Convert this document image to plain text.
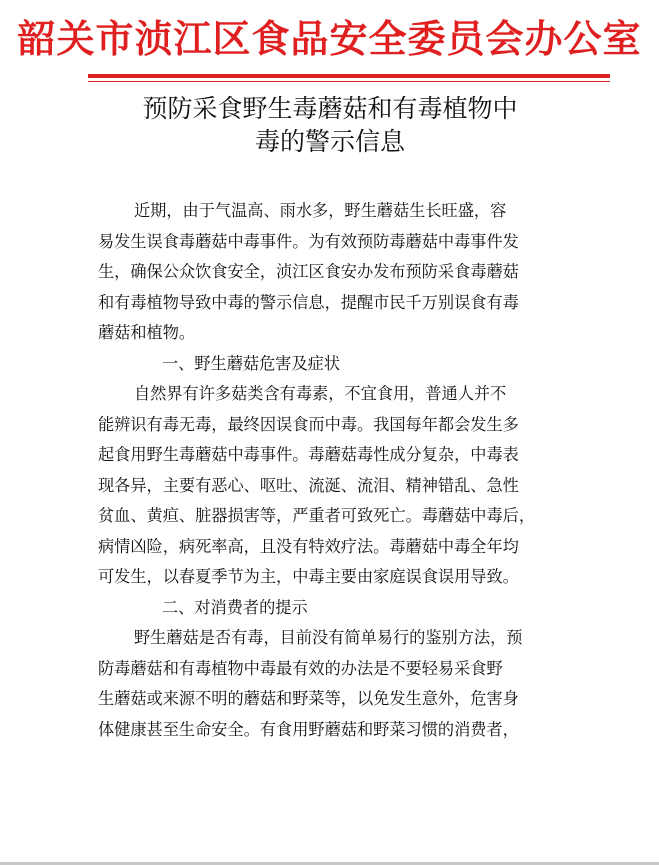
韶关市浈江区食品安全委员会办公室
预防采食野生毒蘑菇和有毒植物中
毒的警示信息
近期，由于气温高、雨水多，野生蘑菇生长旺盛，容
易发生误食毒蘑菇中毒事件。为有效预防毒蘑菇中毒事件发
生，确保公众饮食安全，浈江区食安办发布预防采食毒蘑菇
和有毒植物导致中毒的警示信息，提醒市民千万别误食有毒
蘑菇和植物。
一、野生蘑菇危害及症状
自然界有许多菇类含有毒素，不宜食用，普通人并不
能辨识有毒无毒，最终因误食而中毒。我国每年都会发生多
起食用野生毒蘑菇中毒事件。毒蘑菇毒性成分复杂，中毒表
现各异，主要有恶心、呕吐、流涎、流泪、精神错乱、急性
贫血、黄疸、脏器损害等，严重者可致死亡。毒蘑菇中毒后，
病情凶险，病死率高，且没有特效疗法。毒蘑菇中毒全年均
可发生，以春夏季节为主，中毒主要由家庭误食误用导致。
二、对消费者的提示
野生蘑菇是否有毒，目前没有简单易行的鉴别方法，预
防毒蘑菇和有毒植物中毒最有效的办法是不要轻易采食野
生蘑菇或来源不明的蘑菇和野菜等，以免发生意外，危害身
体健康甚至生命安全。有食用野蘑菇和野菜习惯的消费者，
